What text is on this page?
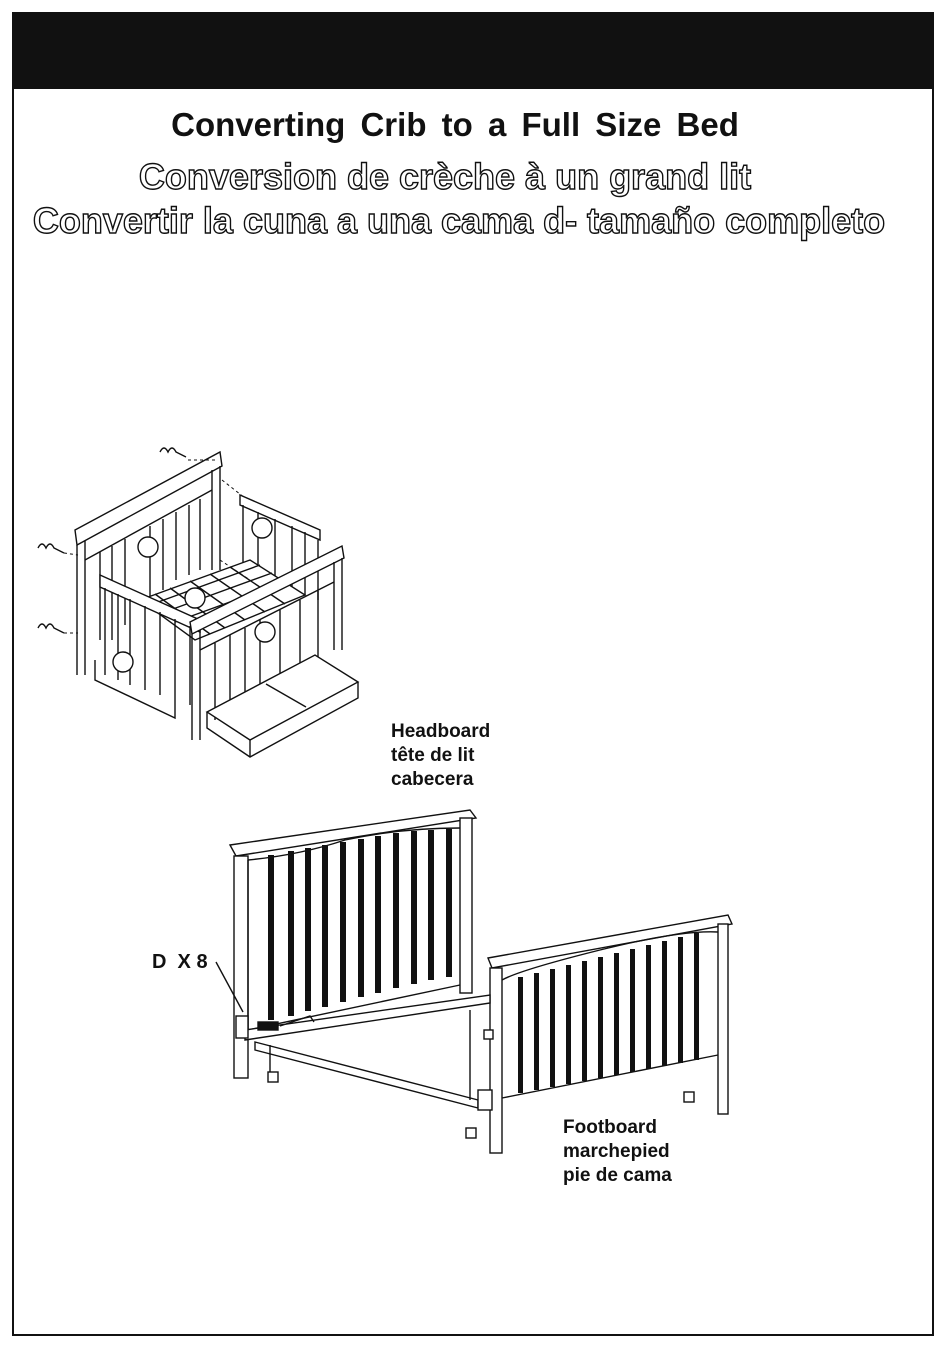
Converting Crib to a Full Size Bed
Conversion de crèche à un grand lit
Convertir la cuna a una cama d- tamaño completo
Headboard
tête de lit
cabecera
D  X 8
Footboard
marchepied
pie de cama
